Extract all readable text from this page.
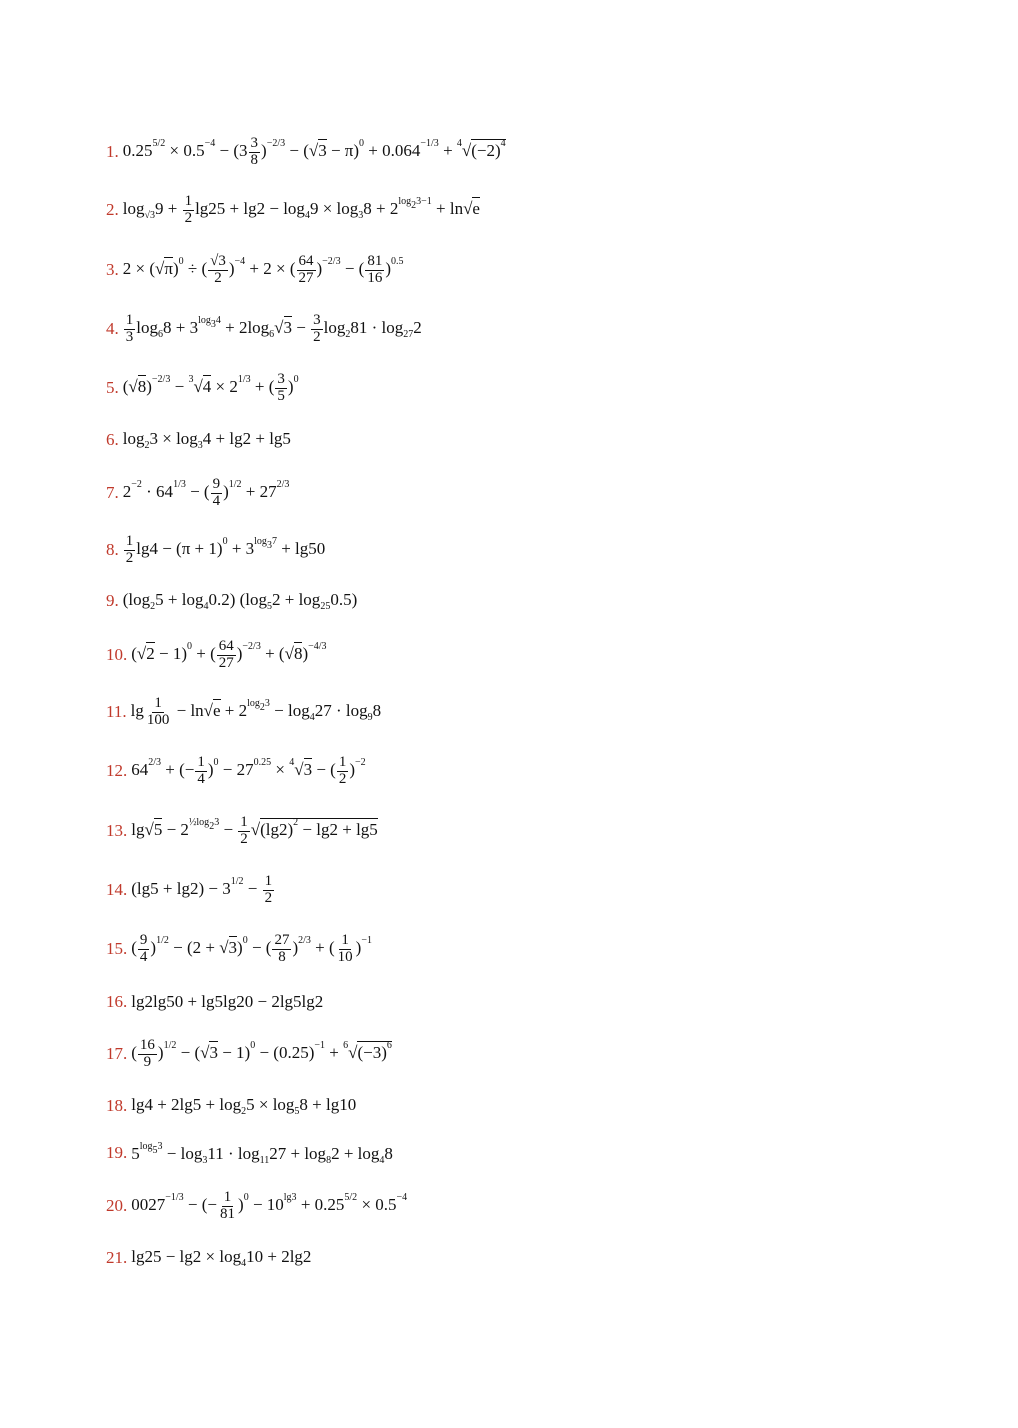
1. $0.25^{5/2} \times 0.5^{-4} - (3 \frac{3}{8} )^{-2/3} - (√3 - \pi)^0 + 0.064^{-1/3} + ^4√(-2)^4$
2. $\log_{√3}9 + \frac{1}{2} \lg 25 + \lg 2 - \log_49 \times \log_38 + 2^{log_23-1} + \ln√e$
3. $2 \times (√\pi)^0$ ÷ ( $\frac{√3}{2} )^{-4} + 2$ × ( $\frac{64}{27} )^{-2/3}$ − ( $\frac{81}{16} )^{0.5}$
4. $\frac{1}{3} \log_68 + 3^{log_34} + 2\log_6√3 - \frac{3}{2} \log_281 \cdot \log_{27}2$
5. $(√8)^{-2/3} - ^3√4 \times 2^{1/3}$ + ( $\frac{3}{5} )^0$
6. $\log_23 \times \log_34 + \lg 2 + \lg 5$
7. $2^{-2} \cdot 64^{1/3}$ − ( $\frac{9}{4} )^{1/2} + 27^{2/3}$
8. $\frac{1}{2} \lg 4 - (\pi + 1)^0 + 3^{log_37} + \lg 50$
9. $(\log_25 + \log_40.2) (\log_52 + \log_{25}0.5)$
10. $(√2 - 1)^0$ + ( $\frac{64}{27} )^{-2/3} + (√8)^{-4/3}$
11. $\lg \frac{1}{100} - \ln√e + 2^{log_23} - \log_427 \cdot \log_98$
12. $64^{2/3}$ + (− $\frac{1}{4} )^0 - 27^{0.25} \times ^4√3$ − ( $\frac{1}{2} )^{-2}$
13. $\lg√5 - 2^{\frac{1}{2}log_23} - \frac{1}{2} √(\lg 2)^2 - \lg 2 + \lg 5$
14. $(\lg 5 + \lg 2) - 3^{1/2} - \frac{1}{2}$
15. ( $\frac{9}{4} )^{1/2} - (2 + √3)^0$ − ( $\frac{27}{8} )^{2/3}$ + ( $\frac{1}{10} )^{-1}$
16. lg2lg50 + lg5lg20 − 2lg5lg2
17. ( $\frac{16}{9} )^{1/2} - (√3 - 1)^0 - (0.25)^{-1} + ^6√(-3)^6$
18. $\lg 4 + 2\lg 5 + \log_25 \times \log_58 + \lg 10$
19. $5^{log_53} - \log_311 \cdot \log_{11}27 + \log_82 + \log_48$
20. $0027^{-1/3}$ − (− $\frac{1}{81} )^0 - 10^{lg3} + 0.25^{5/2} \times 0.5^{-4}$
21. $\lg 25 - \lg 2 \times \log_410 + 2\lg 2$
